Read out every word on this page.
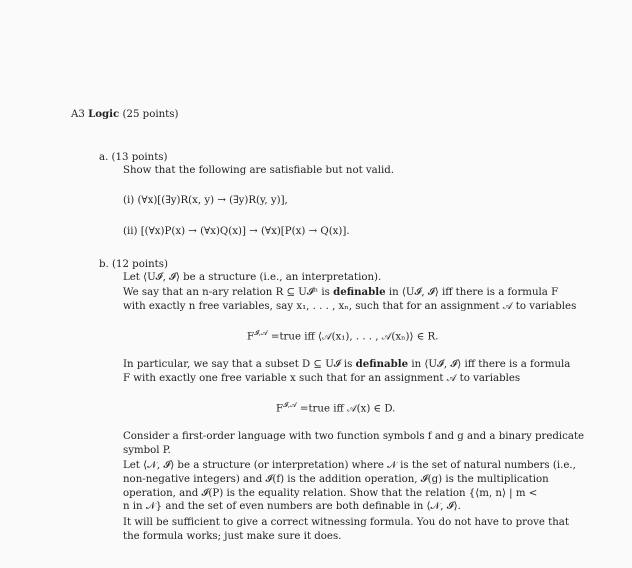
A3 Logic (25 points)
a. (13 points)
Show that the following are satisfiable but not valid.
(i) (∀x)[(∃y)R(x, y) → (∃y)R(y, y)],
(ii) [(∀x)P(x) → (∀x)Q(x)] → (∀x)[P(x) → Q(x)].
b. (12 points)
Let ⟨U𝓘, 𝓘⟩ be a structure (i.e., an interpretation).
We say that an n-ary relation R ⊆ U𝓘ⁿ is definable in ⟨U𝓘, 𝓘⟩ iff there is a formula F
with exactly n free variables, say x₁, . . . , xₙ, such that for an assignment 𝒜 to variables
$F^{𝓘,𝒜}$ =true iff ⟨𝒜(x₁), . . . , 𝒜(xₙ)⟩ ∈ R.
In particular, we say that a subset D ⊆ U𝓘 is definable in ⟨U𝓘, 𝓘⟩ iff there is a formula
F with exactly one free variable x such that for an assignment 𝒜 to variables
$F^{𝓘,𝒜}$ =true iff 𝒜(x) ∈ D.
Consider a first-order language with two function symbols f and g and a binary predicate
symbol P.
Let ⟨𝒩, 𝓘⟩ be a structure (or interpretation) where 𝒩 is the set of natural numbers (i.e.,
non-negative integers) and 𝓘(f) is the addition operation, 𝓘(g) is the multiplication
operation, and 𝓘(P) is the equality relation. Show that the relation {⟨m, n⟩ | m <
n in 𝒩} and the set of even numbers are both definable in ⟨𝒩, 𝓘⟩.
It will be sufficient to give a correct witnessing formula. You do not have to prove that
the formula works; just make sure it does.
